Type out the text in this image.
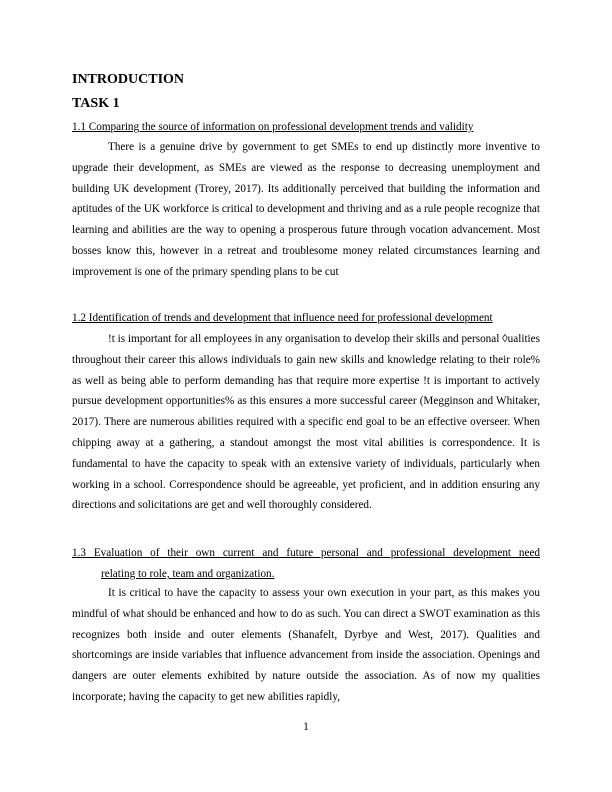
INTRODUCTION

TASK 1

1.1 Comparing the source of information on professional development trends and validity

There is a genuine drive by government to get SMEs to end up distinctly more inventive to upgrade their development, as SMEs are viewed as the response to decreasing unemployment and building UK development (Trorey, 2017). Its additionally perceived that building the information and aptitudes of the UK workforce is critical to development and thriving and as a rule people recognize that learning and abilities are the way to opening a prosperous future through vocation advancement. Most bosses know this, however in a retreat and troublesome money related circumstances learning and improvement is one of the primary spending plans to be cut

1.2 Identification of trends and development that influence need for professional development

!t is important for all employees in any organisation to develop their skills and personal ◊ualities throughout their career this allows individuals to gain new skills and knowledge relating to their role% as well as being able to perform demanding has that require more expertise !t is important to actively pursue development opportunities% as this ensures a more successful career (Megginson and Whitaker, 2017). There are numerous abilities required with a specific end goal to be an effective overseer. When chipping away at a gathering, a standout amongst the most vital abilities is correspondence. It is fundamental to have the capacity to speak with an extensive variety of individuals, particularly when working in a school. Correspondence should be agreeable, yet proficient, and in addition ensuring any directions and solicitations are get and well thoroughly considered.

1.3 Evaluation of their own current and future personal and professional development need

relating to role, team and organization.

It is critical to have the capacity to assess your own execution in your part, as this makes you mindful of what should be enhanced and how to do as such. You can direct a SWOT examination as this recognizes both inside and outer elements (Shanafelt, Dyrbye and West, 2017). Qualities and shortcomings are inside variables that influence advancement from inside the association. Openings and dangers are outer elements exhibited by nature outside the association. As of now my qualities incorporate; having the capacity to get new abilities rapidly,

1
